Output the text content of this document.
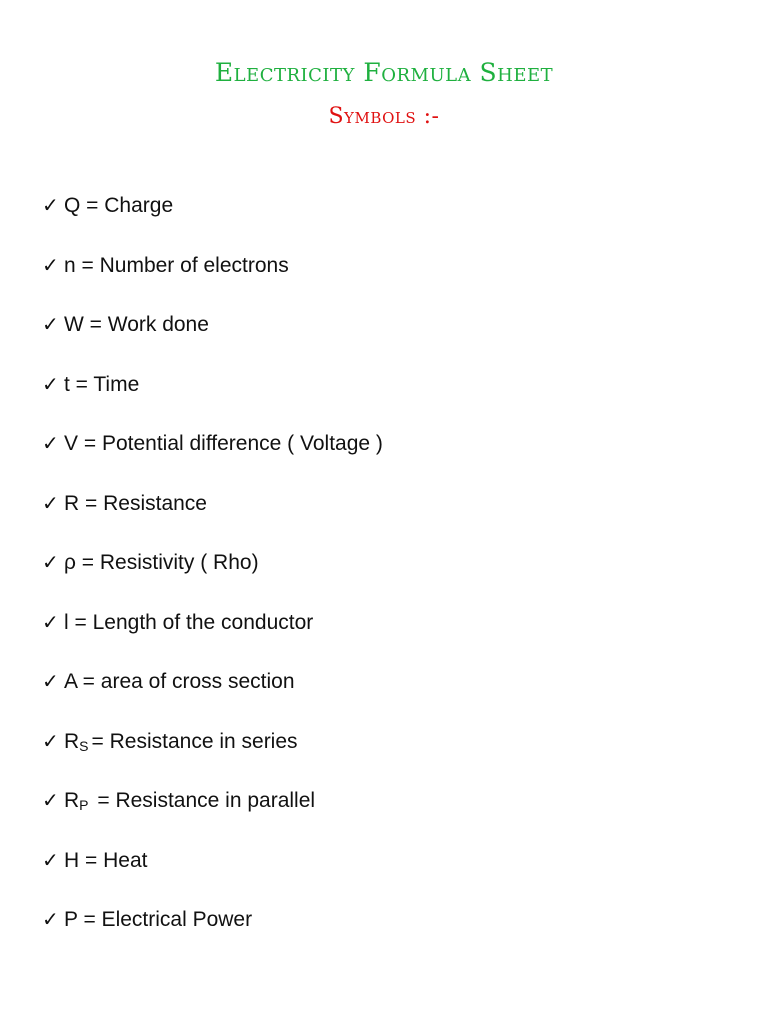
Electricity Formula Sheet
Symbols :-
✓ Q = Charge
✓ n = Number of electrons
✓ W = Work done
✓ t = Time
✓ V = Potential difference ( Voltage )
✓ R = Resistance
✓ ρ = Resistivity ( Rho)
✓ l = Length of the conductor
✓ A = area of cross section
✓ $R_S$ = Resistance in series
✓ $R_P$ = Resistance in parallel
✓ H = Heat
✓ P = Electrical Power
